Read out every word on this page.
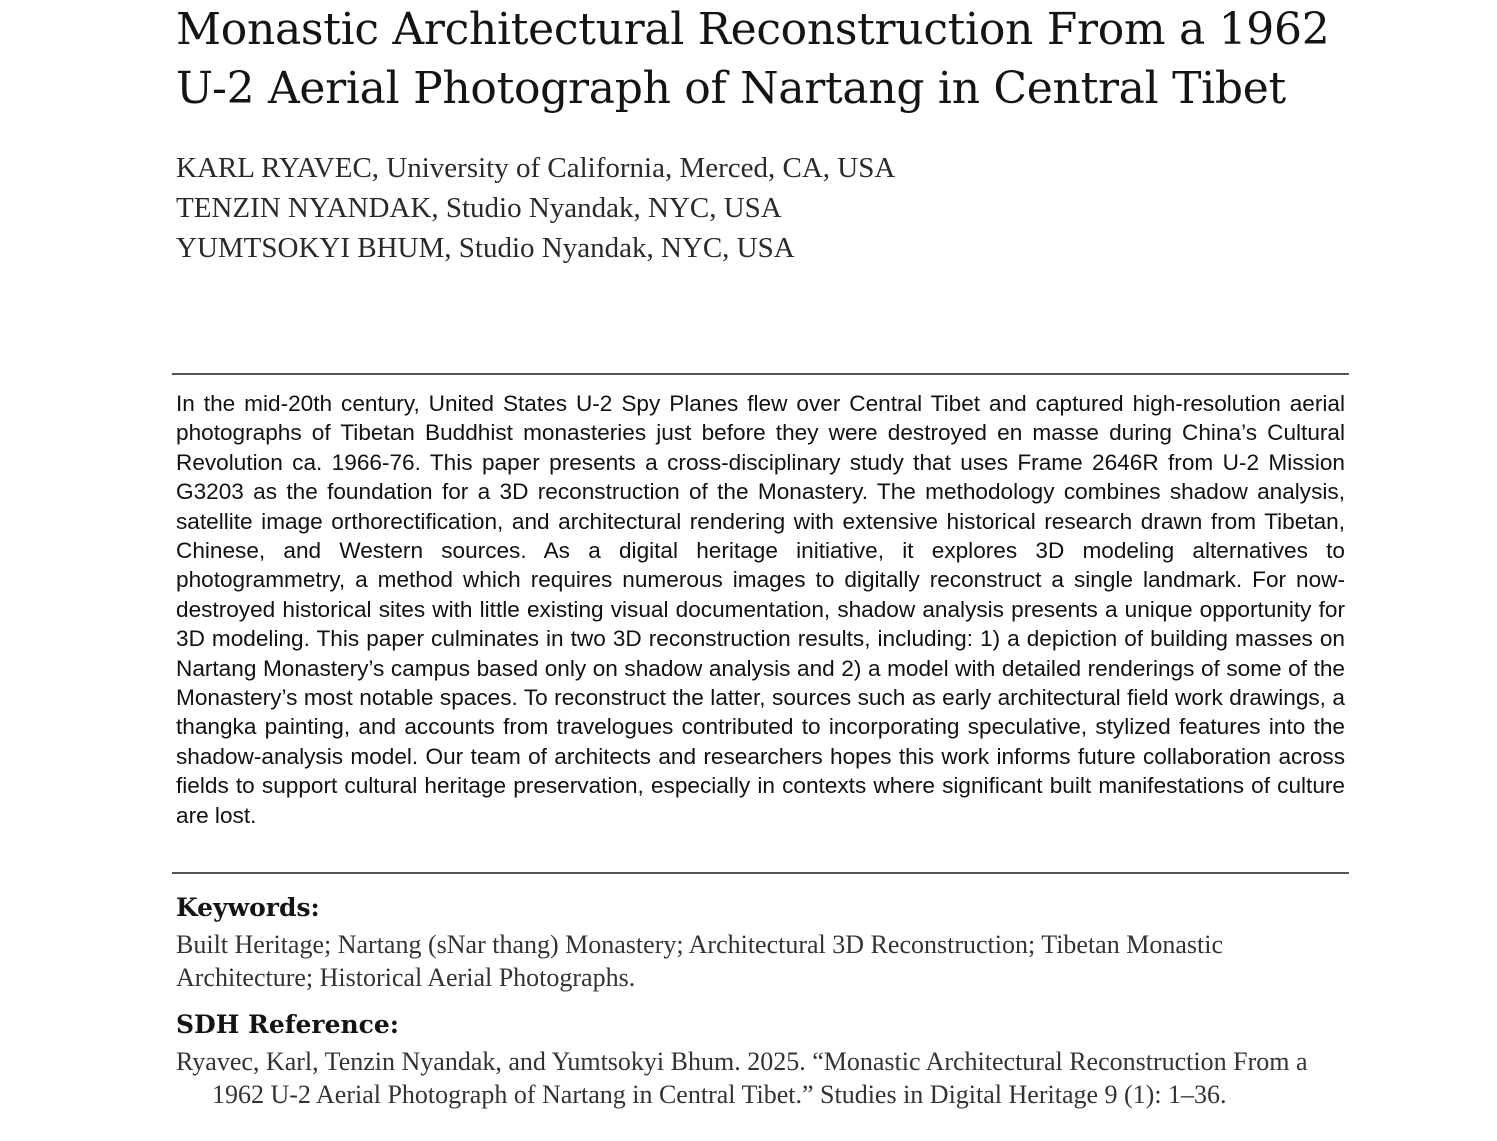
Monastic Architectural Reconstruction From a 1962 U-2 Aerial Photograph of Nartang in Central Tibet
KARL RYAVEC, University of California, Merced, CA, USA
TENZIN NYANDAK, Studio Nyandak, NYC, USA
YUMTSOKYI BHUM, Studio Nyandak, NYC, USA

In the mid-20th century, United States U-2 Spy Planes flew over Central Tibet and captured high-resolution aerial photographs of Tibetan Buddhist monasteries just before they were destroyed en masse during China’s Cultural Revolution ca. 1966-76. This paper presents a cross-disciplinary study that uses Frame 2646R from U-2 Mission G3203 as the foundation for a 3D reconstruction of the Monastery. The methodology combines shadow analysis, satellite image orthorectification, and architectural rendering with extensive historical research drawn from Tibetan, Chinese, and Western sources. As a digital heritage initiative, it explores 3D modeling alternatives to photogrammetry, a method which requires numerous images to digitally reconstruct a single landmark. For now-destroyed historical sites with little existing visual documentation, shadow analysis presents a unique opportunity for 3D modeling. This paper culminates in two 3D reconstruction results, including: 1) a depiction of building masses on Nartang Monastery’s campus based only on shadow analysis and 2) a model with detailed renderings of some of the Monastery’s most notable spaces. To reconstruct the latter, sources such as early architectural field work drawings, a thangka painting, and accounts from travelogues contributed to incorporating speculative, stylized features into the shadow-analysis model. Our team of architects and researchers hopes this work informs future collaboration across fields to support cultural heritage preservation, especially in contexts where significant built manifestations of culture are lost.

Keywords:

Built Heritage; Nartang (sNar thang) Monastery; Architectural 3D Reconstruction; Tibetan Monastic Architecture; Historical Aerial Photographs.

SDH Reference:

Ryavec, Karl, Tenzin Nyandak, and Yumtsokyi Bhum. 2025. “Monastic Architectural Reconstruction From a 1962 U-2 Aerial Photograph of Nartang in Central Tibet.” Studies in Digital Heritage 9 (1): 1–36.
